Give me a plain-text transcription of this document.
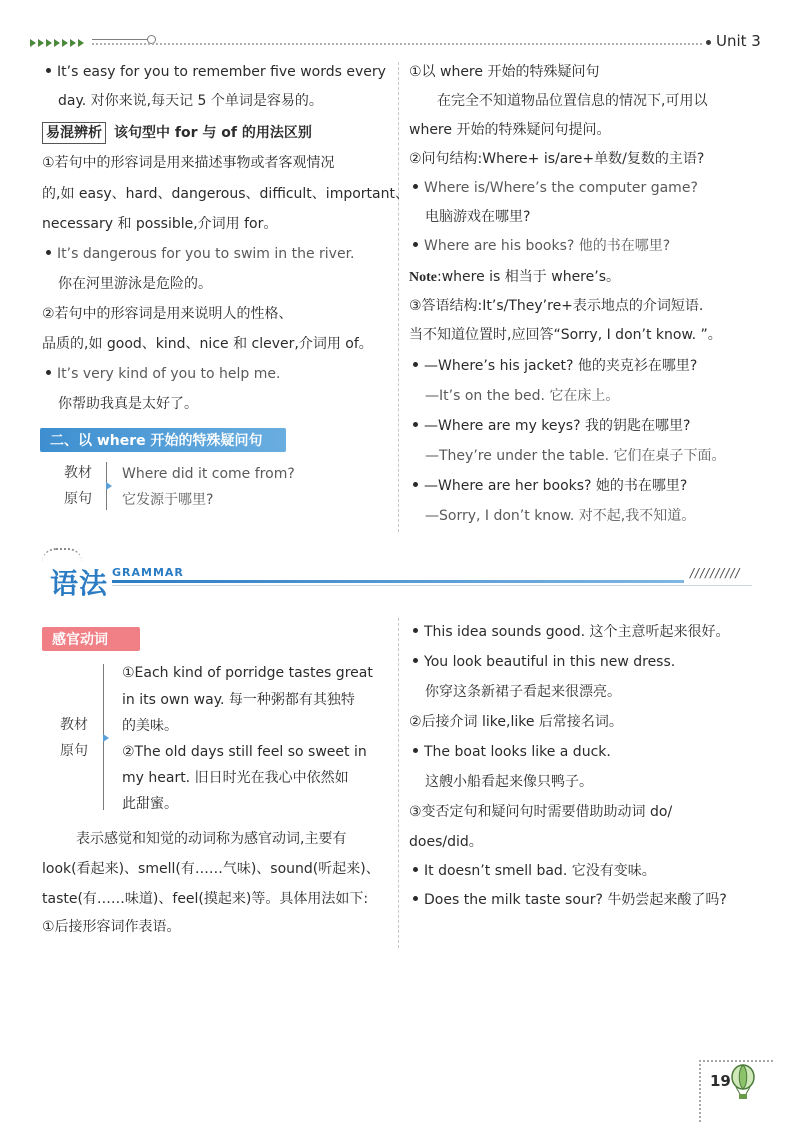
Unit 3
It’s easy for you to remember five words every
day. 对你来说,每天记 5 个单词是容易的。
易混辨析 该句型中 for 与 of 的用法区别
①若句中的形容词是用来描述事物或者客观情况
的,如 easy、hard、dangerous、difficult、important、
necessary 和 possible,介词用 for。
It’s dangerous for you to swim in the river.
你在河里游泳是危险的。
②若句中的形容词是用来说明人的性格、
品质的,如 good、kind、nice 和 clever,介词用 of。
It’s very kind of you to help me.
你帮助我真是太好了。
二、以 where 开始的特殊疑问句
教材
原句
Where did it come from?
它发源于哪里?
①以 where 开始的特殊疑问句
在完全不知道物品位置信息的情况下,可用以
where 开始的特殊疑问句提问。
②问句结构:Where+ is/are+单数/复数的主语?
Where is/Where’s the computer game?
电脑游戏在哪里?
Where are his books? 他的书在哪里?
Note:where is 相当于 where’s。
③答语结构:It’s/They’re+表示地点的介词短语.
当不知道位置时,应回答“Sorry, I don’t know. ”。
—Where’s his jacket? 他的夹克衫在哪里?
—It’s on the bed. 它在床上。
—Where are my keys? 我的钥匙在哪里?
—They’re under the table. 它们在桌子下面。
—Where are her books? 她的书在哪里?
—Sorry, I don’t know. 对不起,我不知道。
语法 GRAMMAR	//////////
感官动词
教材
原句
①Each kind of porridge tastes great
in its own way. 每一种粥都有其独特
的美味。
②The old days still feel so sweet in
my heart. 旧日时光在我心中依然如
此甜蜜。
表示感觉和知觉的动词称为感官动词,主要有
look(看起来)、smell(有……气味)、sound(听起来)、
taste(有……味道)、feel(摸起来)等。具体用法如下:
①后接形容词作表语。
This idea sounds good. 这个主意听起来很好。
You look beautiful in this new dress.
你穿这条新裙子看起来很漂亮。
②后接介词 like,like 后常接名词。
The boat looks like a duck.
这艘小船看起来像只鸭子。
③变否定句和疑问句时需要借助助动词 do/
does/did。
It doesn’t smell bad. 它没有变味。
Does the milk taste sour? 牛奶尝起来酸了吗?
19
